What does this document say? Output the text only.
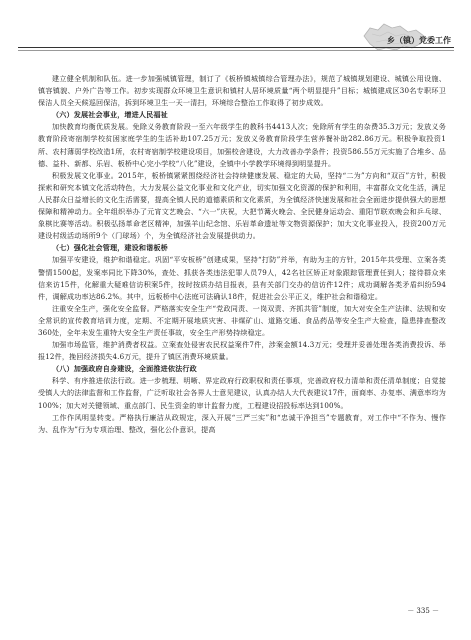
乡（镇）党委工作

建立健全机制和队伍。进一步加强城镇管理，制订了《板桥镇城镇综合管理办法》，规范了城镇规划建设、城镇公用设施、镇容镇貌、户外广告等工作。初步实现群众环境卫生意识和镇村人居环境质量“两个明显提升”目标；城镇建成区30名专职环卫保洁人员全天候巡回保洁，拆到环境卫生一天一清扫，环境综合整治工作取得了初步成效。

（六）发展社会事业，增进人民福祉

加快教育均衡优质发展。免除义务教育阶段一至六年级学生的教科书4413人次；免除所有学生的杂费35.3万元；发放义务教育阶段寄宿制学校贫困家庭学生的生活补助107.25万元；发放义务教育阶段学生营养餐补助282.86万元。积极争取投资1所、农村薄弱学校改造1所，农村寄宿制学校建设项目，加强校舍建设，大力改善办学条件；投资586.55万元实施了合堆乡、品德、益朴、新都、乐岩、板桥中心完小学校“八化”建设，全镇中小学教学环境得到明显提升。

积极发展文化事业。2015年，板桥镇紧紧围绕经济社会持续健康发展、稳定的大局，坚持“二为”方向和“双百”方针，积极探索和研究本镇文化活动特色，大力发展公益文化事业和文化产业，切实加强文化资源的保护和利用，丰富群众文化生活，满足人民群众日益增长的文化生活需要，提高全镇人民的道德素质和文化素质，为全镇经济快速发展和社会全面进步提供强大的思想保障和精神动力。全年组织举办了元宵文艺晚会、“六一”庆祝，大把节篝火晚会、全民健身运动会、重阳节联欢晚会和乒乓球、象棋比赛等活动。积极弘扬革命老区精神，加强羊山纪念馆、乐岩革命遗址等文物资源保护；加大文化事业投入，投资200万元建设村级活动场所9个（门球场）个，为全镇经济社会发展提供动力。

（七）强化社会管理，建设和谐板桥

加强平安建设，维护和谐稳定。巩固“平安板桥”创建成果，坚持“打防”并举，有助为主的方针，2015年共受理、立案各类警情1500起，发案率同比下降30%，查处、抓获各类违法犯罪人员79人，42名社区矫正对象跟踪管理責任到人；接待群众来信来访15件，化解重大疑难信访积案5件，按时按质办结目报表，县有关部门交办的信访件12件；成功调解各类矛盾纠纷594件，调解成功率达86.2%。其中，远板桥中心法庭可法确认18件，促进社会公平正义，维护社会和谐稳定。

注重安全生产，强化安全监督。严格落实安全生产“党政同责、一岗双责、齐抓共管”制度，加大对安全生产法律、法规和安全常识的宣传教育培训力度，定期、不定期开展地质灾害、非煤矿山、道路交通、食品药品等安全生产大检查，隐患排查整改360处，全年未发生重特大安全生产责任事故，安全生产形势持续稳定。

加强市场监管，维护消费者权益。立案查处侵害农民权益案件7件，涉案金额14.3万元；受理并妥善处理各类消费投诉、举报12件，挽回经济损失4.6万元，提升了镇区消费环境质量。

（八）加强政府自身建设，全面推进依法行政

科学、有序推进依法行政。进一步梳理、明晰、界定政府行政职权和责任事项，完善政府权力清单和责任清单制度；自觉接受镇人大的法律监督和工作监督，广泛听取社会各界人士意见建议，认真办结人大代表建议17件，面商率、办复率、满意率均为100%；加大对关键领域、重点部门、民生资金的审计监督力度，工程建设招投标率达到100%。

工作作风明显转变。严格执行廉洁从政规定，深入开展“三严三实”和“忠诚干净担当”专题教育，对工作中“不作为、慢作为、乱作为”行为专项治理、整改，强化公仆意识，提高

－ 335 －
